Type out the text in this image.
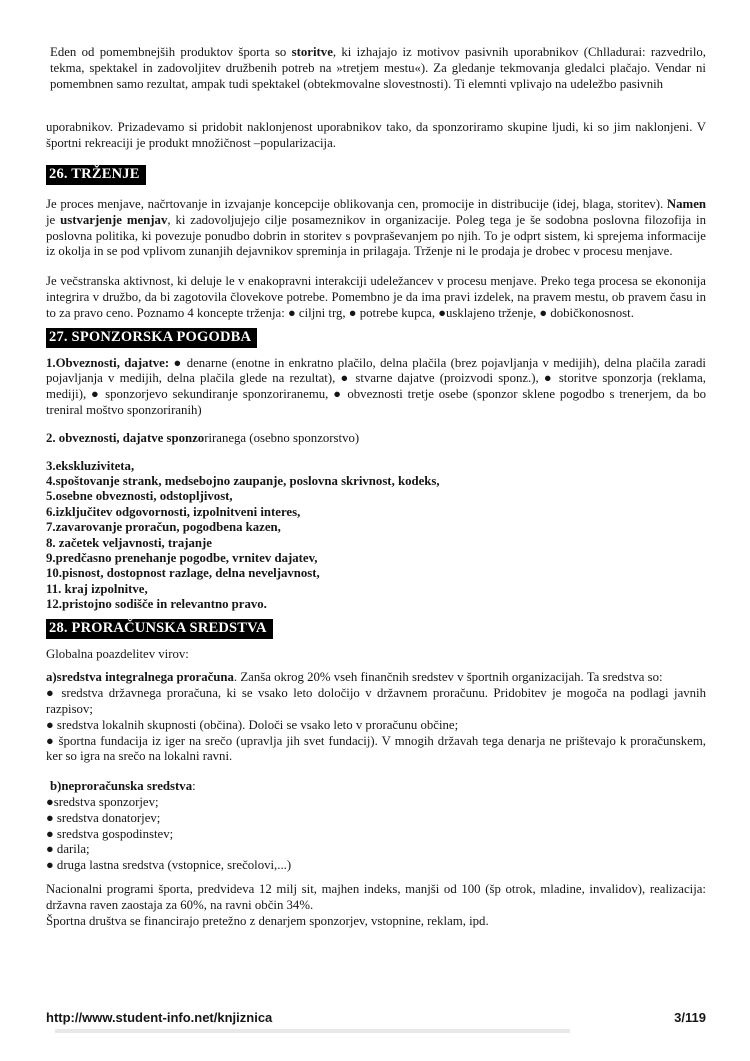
Eden od pomembnejših produktov športa so storitve, ki izhajajo iz motivov pasivnih uporabnikov (Chlladurai: razvedrilo, tekma, spektakel in zadovoljitev družbenih potreb na »tretjem mestu«). Za gledanje tekmovanja gledalci plačajo. Vendar ni pomembnen samo rezultat, ampak tudi spektakel (obtekmovalne slovestnosti). Ti elemnti vplivajo na udeležbo pasivnih

uporabnikov. Prizadevamo si pridobit naklonjenost uporabnikov tako, da sponzoriramo skupine ljudi, ki so jim naklonjeni. V športni rekreaciji je produkt množičnost –popularizacija.

26. TRŽENJE

Je proces menjave, načrtovanje in izvajanje koncepcije oblikovanja cen, promocije in distribucije (idej, blaga, storitev). Namen je ustvarjenje menjav, ki zadovoljujejo cilje posameznikov in organizacije. Poleg tega je še sodobna poslovna filozofija in poslovna politika, ki povezuje ponudbo dobrin in storitev s povpraševanjem po njih. To je odprt sistem, ki sprejema informacije iz okolja in se pod vplivom zunanjih dejavnikov spreminja in prilagaja. Trženje ni le prodaja je drobec v procesu menjave.

Je večstranska aktivnost, ki deluje le v enakopravni interakciji udeležancev v procesu menjave. Preko tega procesa se ekononija integrira v družbo, da bi zagotovila človekove potrebe. Pomembno je da ima pravi izdelek, na pravem mestu, ob pravem času in to za pravo ceno. Poznamo 4 koncepte trženja: ● ciljni trg, ● potrebe kupca, ●usklajeno trženje, ● dobičkonosnost.

27. SPONZORSKA POGODBA

1.Obveznosti, dajatve: ● denarne (enotne in enkratno plačilo, delna plačila (brez pojavljanja v medijih), delna plačila zaradi pojavljanja v medijih, delna plačila glede na rezultat), ● stvarne dajatve (proizvodi sponz.), ● storitve sponzorja (reklama, mediji), ● sponzorjevo sekundiranje sponzoriranemu, ● obveznosti tretje osebe (sponzor sklene pogodbo s trenerjem, da bo treniral moštvo sponzoriranih)

2. obveznosti, dajatve sponzoriranega (osebno sponzorstvo)

3.ekskluziviteta,
4.spoštovanje strank, medsebojno zaupanje, poslovna skrivnost, kodeks,
5.osebne obveznosti, odstopljivost,
6.izključitev odgovornosti, izpolnitveni interes,
7.zavarovanje proračun, pogodbena kazen,
8. začetek veljavnosti, trajanje
9.predčasno prenehanje pogodbe, vrnitev dajatev,
10.pisnost, dostopnost razlage, delna neveljavnost,
11. kraj izpolnitve,
12.pristojno sodišče in relevantno pravo.
28. PRORAČUNSKA SREDSTVA

Globalna poazdelitev virov:

a)sredstva integralnega proračuna. Zanša okrog 20% vseh finančnih sredstev v športnih organizacijah. Ta sredstva so:

● sredstva državnega proračuna, ki se vsako leto določijo v državnem proračunu. Pridobitev je mogoča na podlagi javnih razpisov;

● sredstva lokalnih skupnosti (občina). Določi se vsako leto v proračunu občine;

● športna fundacija iz iger na srečo (upravlja jih svet fundacij). V mnogih državah tega denarja ne prištevajo k proračunskem, ker so igra na srečo na lokalni ravni.

b)neproračunska sredstva:

●sredstva sponzorjev;

● sredstva donatorjev;

● sredstva gospodinstev;

● darila;

● druga lastna sredstva (vstopnice, srečolovi,...)

Nacionalni programi športa, predvideva 12 milj sit, majhen indeks, manjši od 100 (šp otrok, mladine, invalidov), realizacija: državna raven zaostaja za 60%, na ravni občin 34%.

Športna društva se financirajo pretežno z denarjem sponzorjev, vstopnine, reklam, ipd.

http://www.student-info.net/knjiznica	3/119
